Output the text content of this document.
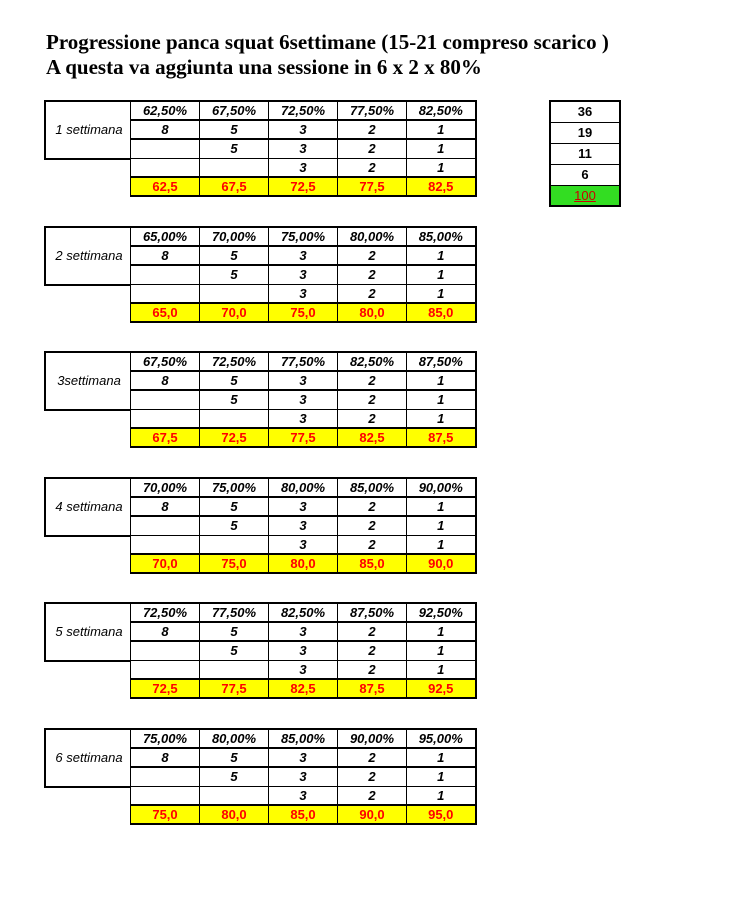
Progressione panca squat 6settimane (15-21 compreso scarico )
A questa va aggiunta una sessione in 6 x 2 x 80%
1 settimana
62,50%	67,50%	72,50%	77,50%	82,50%
8	5	3	2	1
	5	3	2	1
		3	2	1
62,5	67,5	72,5	77,5	82,5
2 settimana
65,00%	70,00%	75,00%	80,00%	85,00%
8	5	3	2	1
	5	3	2	1
		3	2	1
65,0	70,0	75,0	80,0	85,0
3settimana
67,50%	72,50%	77,50%	82,50%	87,50%
8	5	3	2	1
	5	3	2	1
		3	2	1
67,5	72,5	77,5	82,5	87,5
4 settimana
70,00%	75,00%	80,00%	85,00%	90,00%
8	5	3	2	1
	5	3	2	1
		3	2	1
70,0	75,0	80,0	85,0	90,0
5 settimana
72,50%	77,50%	82,50%	87,50%	92,50%
8	5	3	2	1
	5	3	2	1
		3	2	1
72,5	77,5	82,5	87,5	92,5
6 settimana
75,00%	80,00%	85,00%	90,00%	95,00%
8	5	3	2	1
	5	3	2	1
		3	2	1
75,0	80,0	85,0	90,0	95,0
36
19
11
6
100
